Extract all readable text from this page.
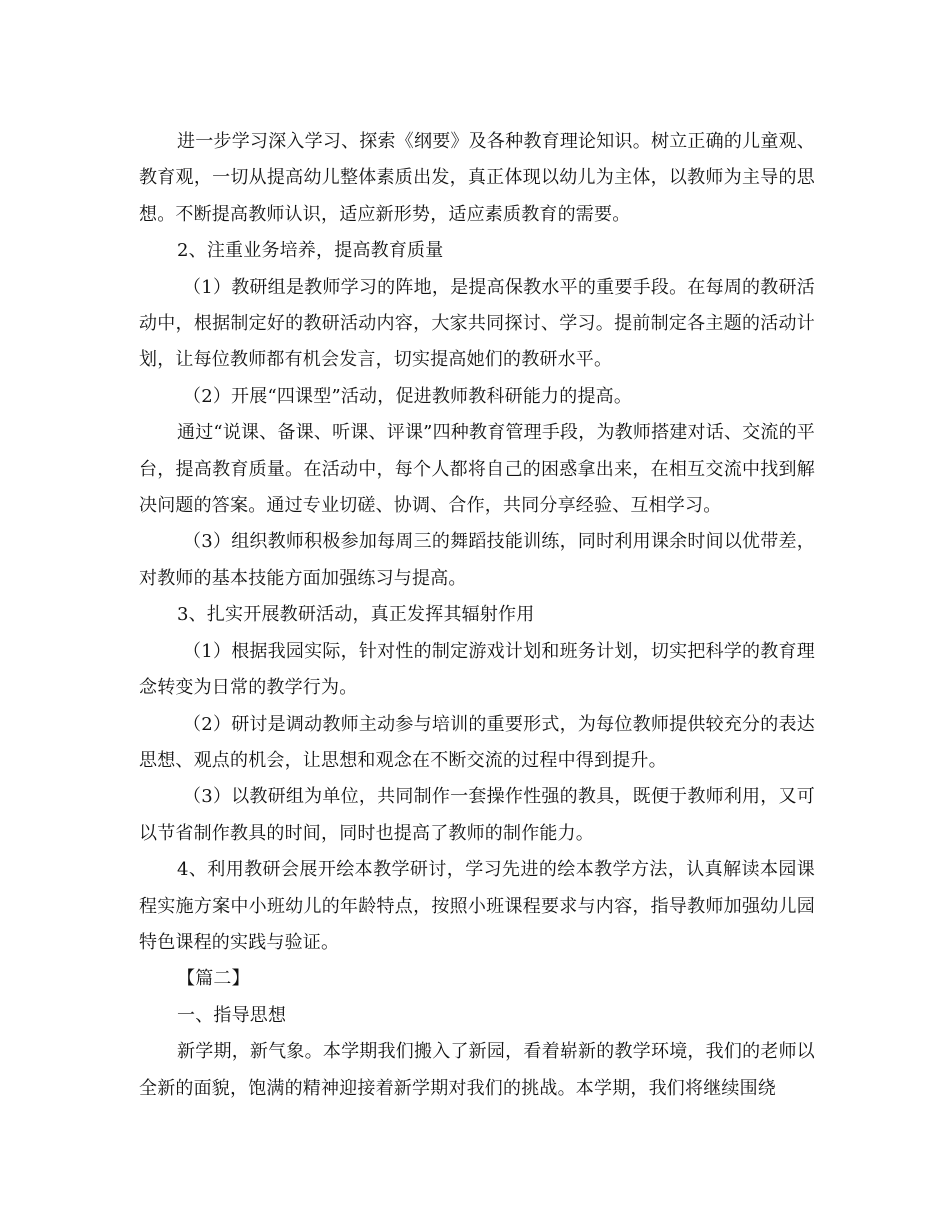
进一步学习深入学习、探索《纲要》及各种教育理论知识。树立正确的儿童观、教育观，一切从提高幼儿整体素质出发，真正体现以幼儿为主体，以教师为主导的思想。不断提高教师认识，适应新形势，适应素质教育的需要。

2、注重业务培养，提高教育质量

（1）教研组是教师学习的阵地，是提高保教水平的重要手段。在每周的教研活动中，根据制定好的教研活动内容，大家共同探讨、学习。提前制定各主题的活动计划，让每位教师都有机会发言，切实提高她们的教研水平。

（2）开展“四课型”活动，促进教师教科研能力的提高。

通过“说课、备课、听课、评课”四种教育管理手段，为教师搭建对话、交流的平台，提高教育质量。在活动中，每个人都将自己的困惑拿出来，在相互交流中找到解决问题的答案。通过专业切磋、协调、合作，共同分享经验、互相学习。

（3）组织教师积极参加每周三的舞蹈技能训练，同时利用课余时间以优带差，对教师的基本技能方面加强练习与提高。

3、扎实开展教研活动，真正发挥其辐射作用

（1）根据我园实际，针对性的制定游戏计划和班务计划，切实把科学的教育理念转变为日常的教学行为。

（2）研讨是调动教师主动参与培训的重要形式，为每位教师提供较充分的表达思想、观点的机会，让思想和观念在不断交流的过程中得到提升。

（3）以教研组为单位，共同制作一套操作性强的教具，既便于教师利用，又可以节省制作教具的时间，同时也提高了教师的制作能力。

4、利用教研会展开绘本教学研讨，学习先进的绘本教学方法，认真解读本园课程实施方案中小班幼儿的年龄特点，按照小班课程要求与内容，指导教师加强幼儿园特色课程的实践与验证。

【篇二】

一、指导思想

新学期，新气象。本学期我们搬入了新园，看着崭新的教学环境，我们的老师以全新的面貌，饱满的精神迎接着新学期对我们的挑战。本学期，我们将继续围绕
